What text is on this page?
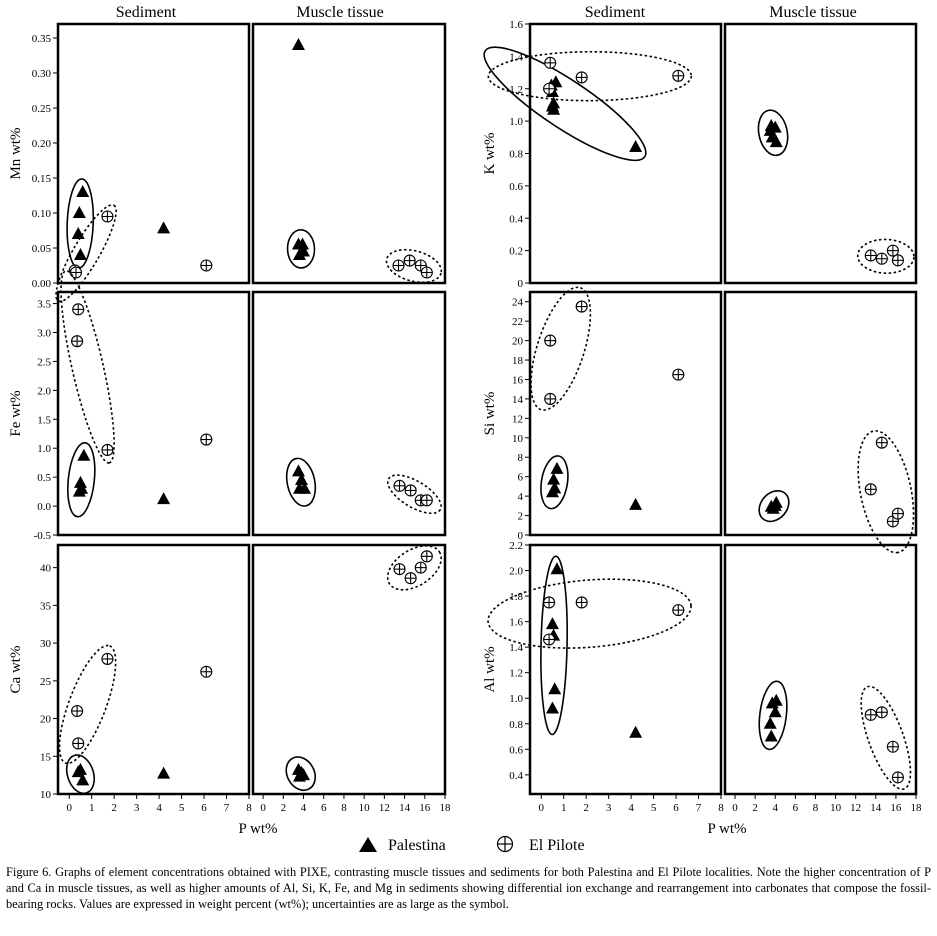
Sediment	Muscle tissue	Sediment	Muscle tissue
0.00
0.05
0.10
0.15
0.20
0.25
0.30
0.35
Mn wt%
0
0.2
0.4
0.6
0.8
1.0
1.2
1.4
1.6
K wt%
-0.5
0.0
0.5
1.0
1.5
2.0
2.5
3.0
3.5
Fe wt%
0
2
4
6
8
10
12
14
16
18
20
22
24
Si wt%
0 1 2 3 4 5 6 7 8
10
15
20
25
30
35
40
Ca wt%
0 2 4 6 8 10 12 14 16 18	0 1 2 3 4 5 6 7 8
0.4
0.6
0.8
1.0
1.2
1.4
1.6
1.8
2.0
2.2
Al wt%
0 2 4 6 8 10 12 14 16 18
P wt%	P wt%
Palestina	El Pilote

Figure 6. Graphs of element concentrations obtained with PIXE, contrasting muscle tissues and sediments for both Palestina and El Pilote localities. Note the higher concentration of P and Ca in muscle tissues, as well as higher amounts of Al, Si, K, Fe, and Mg in sediments showing differential ion exchange and rearrangement into carbonates that compose the fossil-bearing rocks. Values are expressed in weight percent (wt%); uncertainties are as large as the symbol.
